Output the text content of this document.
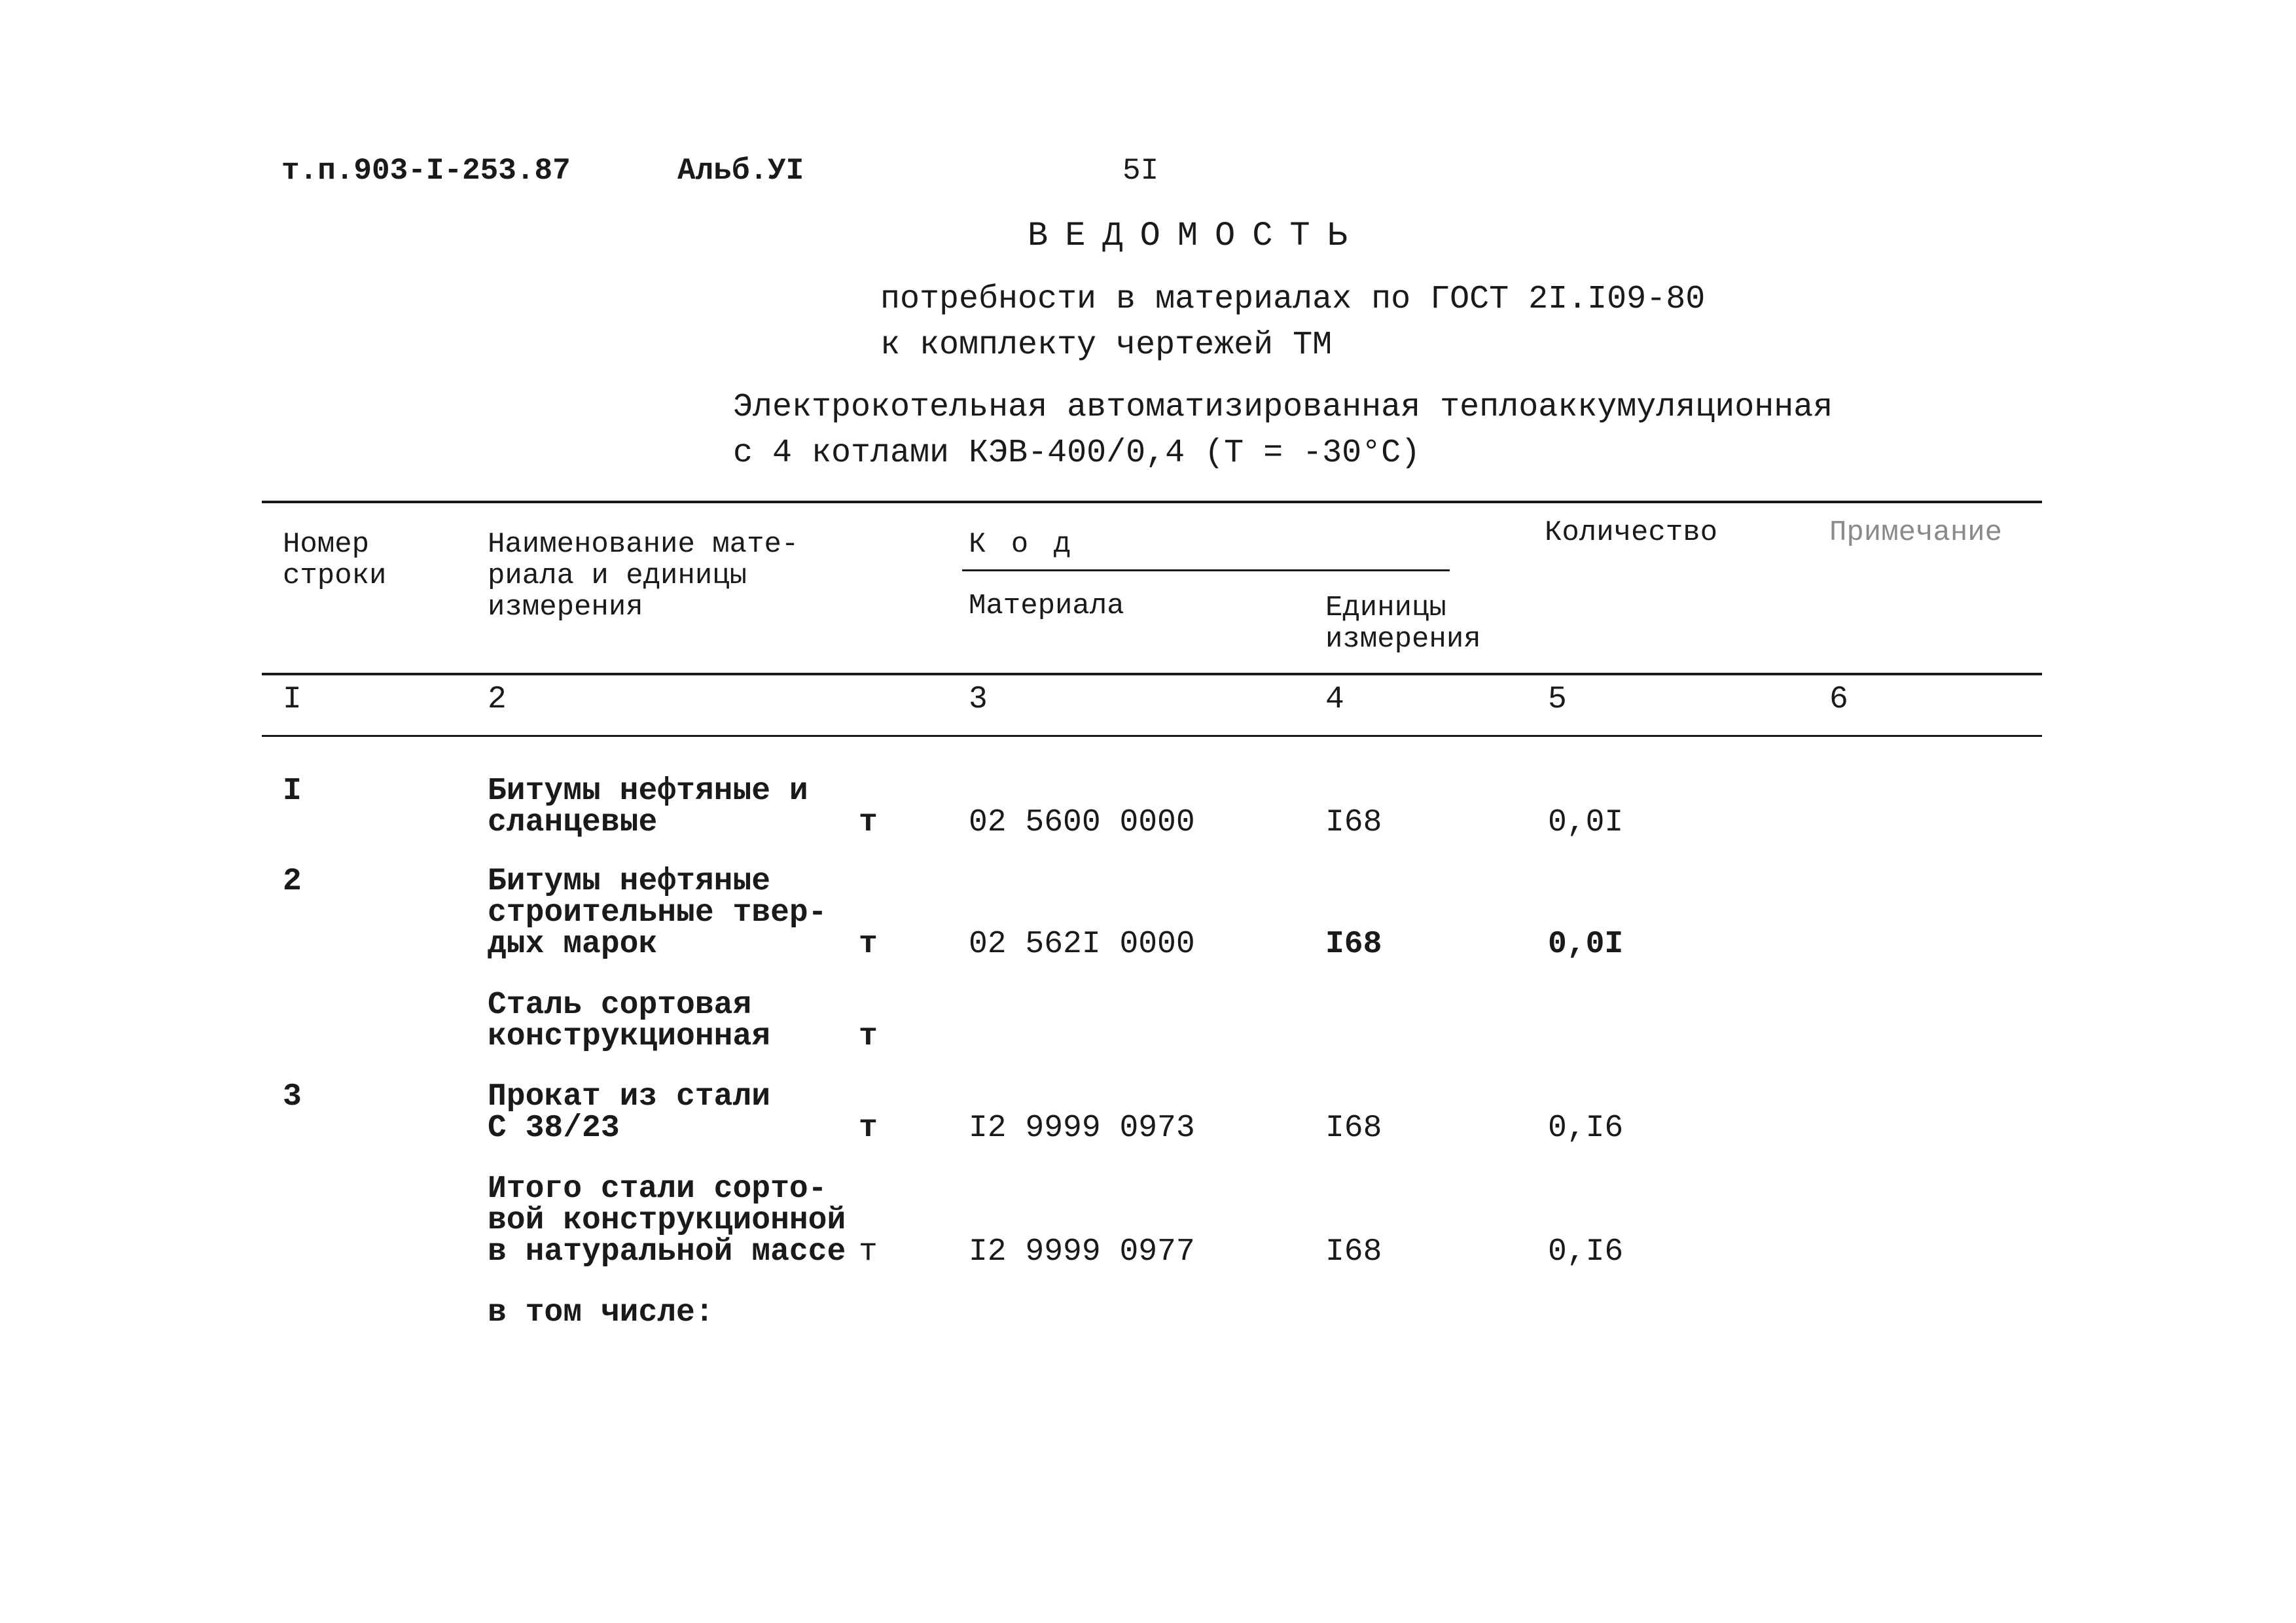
т.п.903-I-253.87	Альб.УI	5I
ВЕДОМОСТЬ
потребности в материалах по ГОСТ 2I.I09-80
к комплекту чертежей ТМ
Электрокотельная автоматизированная теплоаккумуляционная
с 4 котлами КЭВ-400/0,4 (Т = -30°С)
Номер
строки
Наименование мате-
риала и единицы
измерения
К о д
Материала	Единицы
измерения
Количество	Примечание
I	2	3	4	5	6
I	Битумы нефтяные и
сланцевые	т	02 5600 0000	I68	0,0I
2	Битумы нефтяные
строительные твер-
дых марок	т	02 562I 0000	I68	0,0I
Сталь сортовая
конструкционная	т
3	Прокат из стали
С 38/23	т	I2 9999 0973	I68	0,I6
Итого стали сорто-
вой конструкционной
в натуральной массе т	I2 9999 0977	I68	0,I6
в том числе:
